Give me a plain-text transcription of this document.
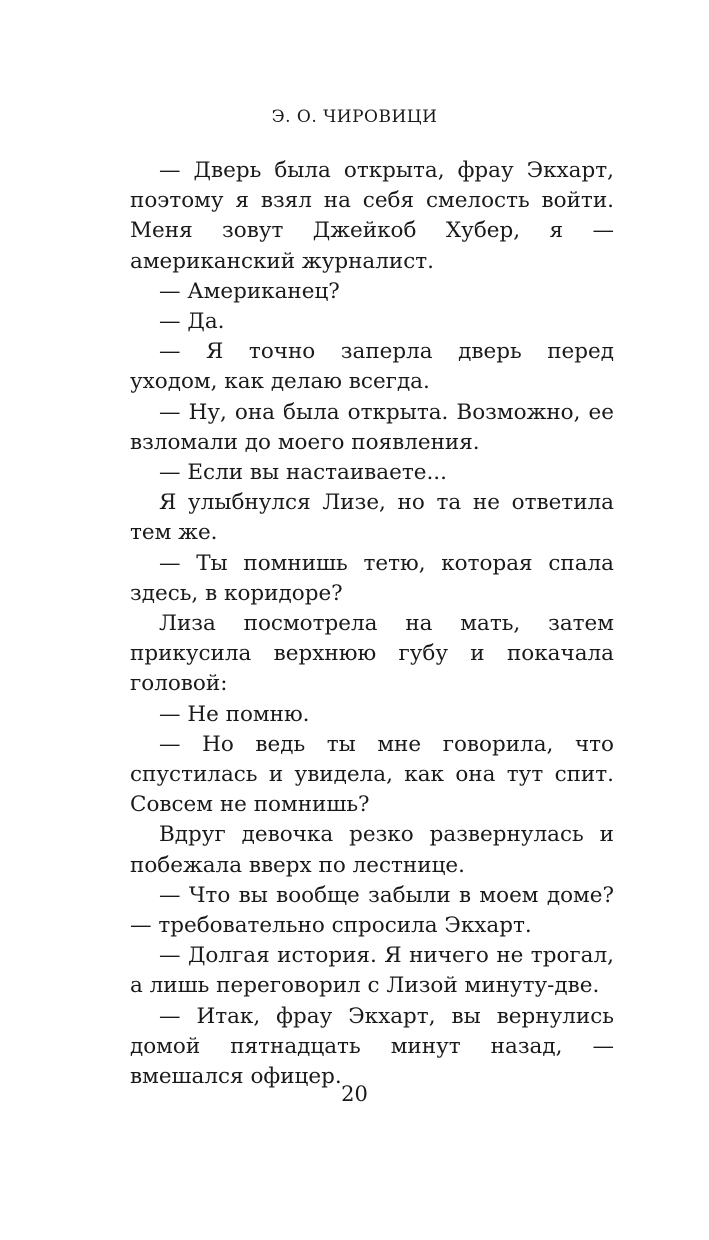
Э. О. ЧИРОВИЦИ

— Дверь была открыта, фрау Экхарт, поэтому я взял на себя смелость войти. Меня зовут Джейкоб Хубер, я — американский журналист.

— Американец?

— Да.

— Я точно заперла дверь перед уходом, как делаю всегда.

— Ну, она была открыта. Возможно, ее взломали до моего появления.

— Если вы настаиваете...

Я улыбнулся Лизе, но та не ответила тем же.

— Ты помнишь тетю, которая спала здесь, в коридоре?

Лиза посмотрела на мать, затем прикусила верхнюю губу и покачала головой:

— Не помню.

— Но ведь ты мне говорила, что спустилась и увидела, как она тут спит. Совсем не помнишь?

Вдруг девочка резко развернулась и побежала вверх по лестнице.

— Что вы вообще забыли в моем доме? — требовательно спросила Экхарт.

— Долгая история. Я ничего не трогал, а лишь переговорил с Лизой минуту-две.

— Итак, фрау Экхарт, вы вернулись домой пятнадцать минут назад, — вмешался офицер.

20
